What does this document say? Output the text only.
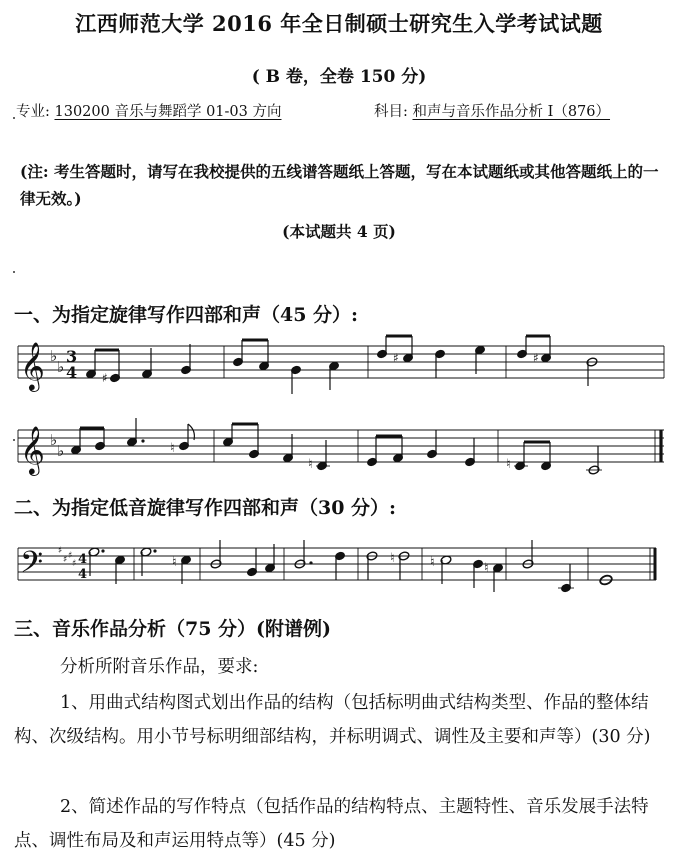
江西师范大学 2016 年全日制硕士研究生入学考试试题
( B 卷，全卷 150 分)
专业: 130200 音乐与舞蹈学 01-03 方向	科目: 和声与音乐作品分析 I（876）
(注: 考生答题时，请写在我校提供的五线谱答题纸上答题，写在本试题纸或其他答题纸上的一律无效。)
(本试题共 4 页)
一、为指定旋律写作四部和声（45 分）:
二、为指定低音旋律写作四部和声（30 分）:
三、音乐作品分析（75 分）(附谱例)
分析所附音乐作品，要求:
1、用曲式结构图式划出作品的结构（包括标明曲式结构类型、作品的整体结构、次级结构。用小节号标明细部结构，并标明调式、调性及主要和声等）(30 分)
2、简述作品的写作特点（包括作品的结构特点、主题特性、音乐发展手法特点、调性布局及和声运用特点等）(45 分)
𝄞 ♭
♭
3
4 ♯
♯	♯
𝄞 ♭
♭	♮
♮	♮
𝄢 ♯
♯ ♯
♯ 4
4
♮	♮	♮	♮
